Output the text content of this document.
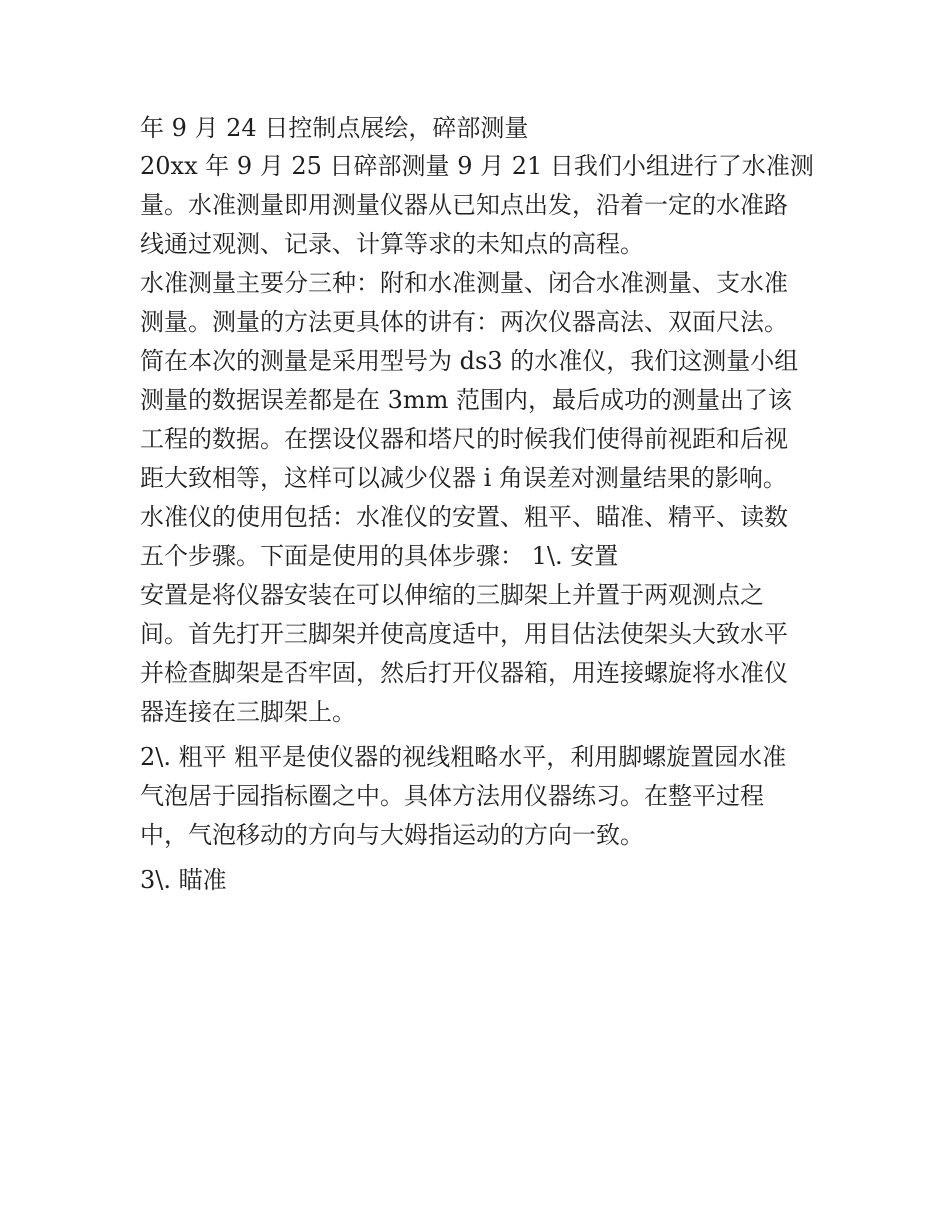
年 9 月 24 日控制点展绘，碎部测量
20xx 年 9 月 25 日碎部测量 9 月 21 日我们小组进行了水准测
量。水准测量即用测量仪器从已知点出发，沿着一定的水准路
线通过观测、记录、计算等求的未知点的高程。
水准测量主要分三种：附和水准测量、闭合水准测量、支水准
测量。测量的方法更具体的讲有：两次仪器高法、双面尺法。
简在本次的测量是采用型号为 ds3 的水准仪，我们这测量小组
测量的数据误差都是在 3mm 范围内，最后成功的测量出了该
工程的数据。在摆设仪器和塔尺的时候我们使得前视距和后视
距大致相等，这样可以减少仪器 i 角误差对测量结果的影响。
水准仪的使用包括：水准仪的安置、粗平、瞄准、精平、读数
五个步骤。下面是使用的具体步骤： 1\. 安置
安置是将仪器安装在可以伸缩的三脚架上并置于两观测点之
间。首先打开三脚架并使高度适中，用目估法使架头大致水平
并检查脚架是否牢固，然后打开仪器箱，用连接螺旋将水准仪
器连接在三脚架上。
2\. 粗平 粗平是使仪器的视线粗略水平，利用脚螺旋置园水准
气泡居于园指标圈之中。具体方法用仪器练习。在整平过程
中，气泡移动的方向与大姆指运动的方向一致。
3\. 瞄准
